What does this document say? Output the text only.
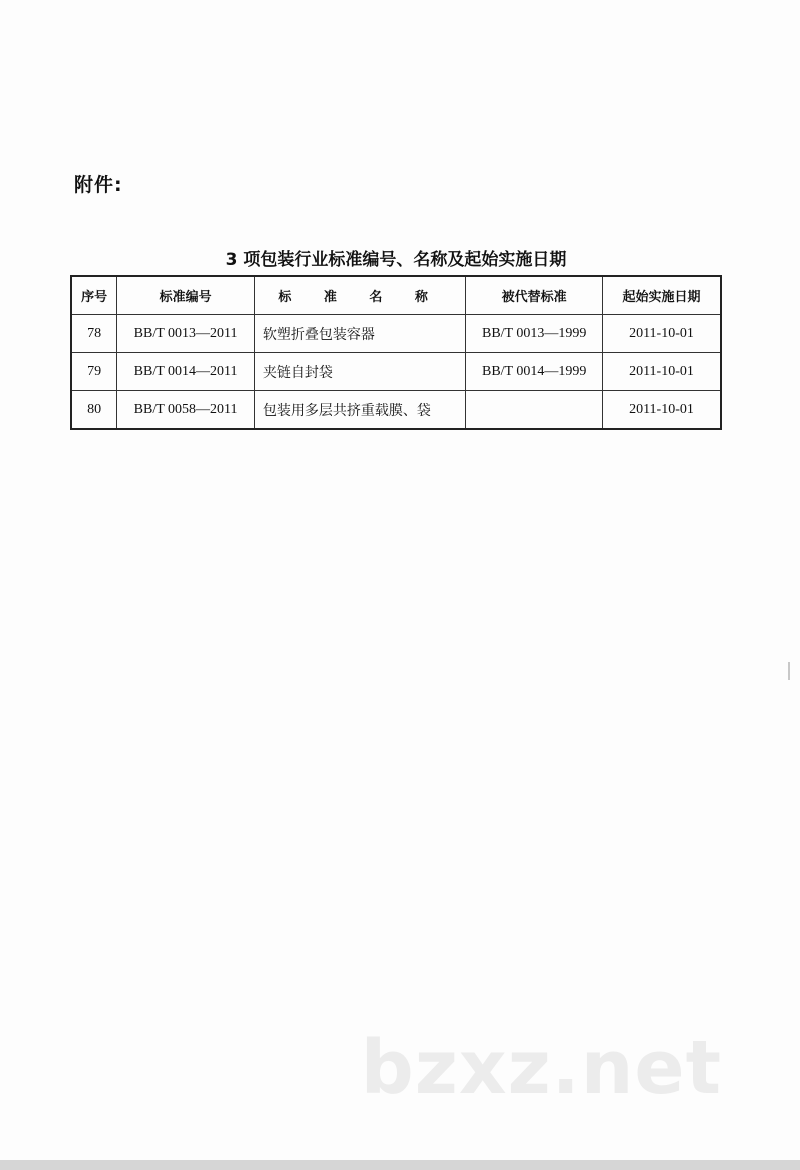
附件:
3 项包装行业标准编号、名称及起始实施日期
序号	标准编号	标 准 名 称	被代替标准	起始实施日期
78	BB/T 0013—2011	软塑折叠包装容器	BB/T 0013—1999	2011-10-01
79	BB/T 0014—2011	夹链自封袋	BB/T 0014—1999	2011-10-01
80	BB/T 0058—2011	包装用多层共挤重载膜、袋		2011-10-01
bzxz.net
